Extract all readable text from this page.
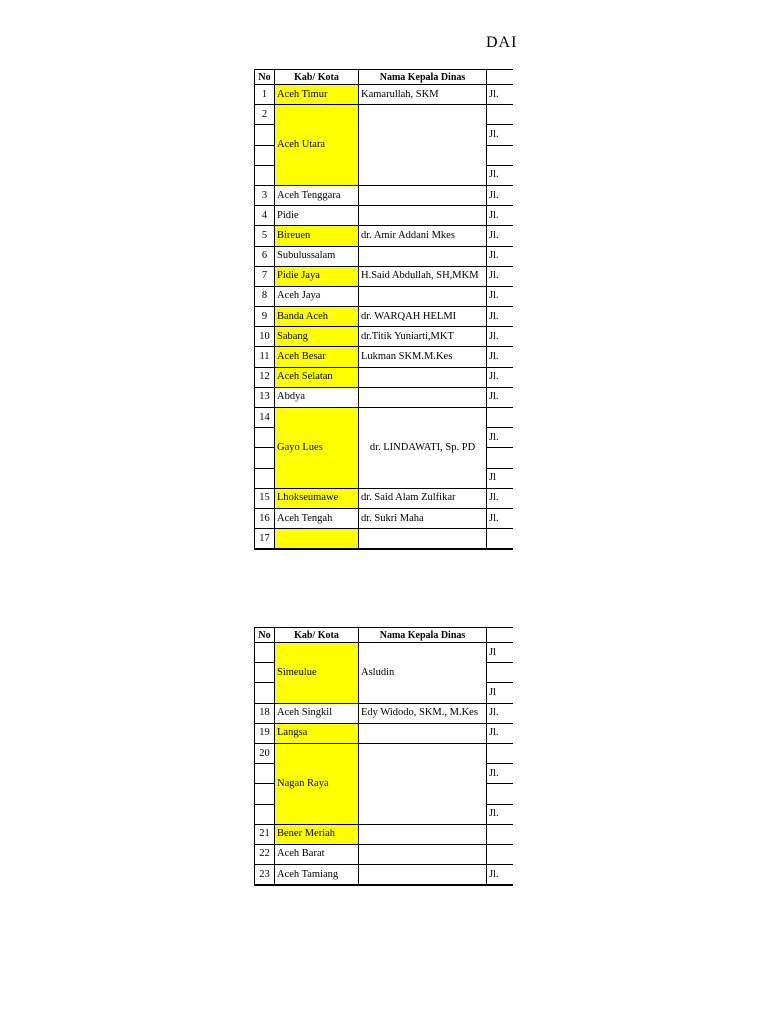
DAI
No	Kab/ Kota	Nama Kepala Dinas	
1	Aceh Timur	Kamarullah, SKM	Jl.
2	Aceh Utara		
			Jl.

			Jl.
3	Aceh Tenggara		Jl.
4	Pidie		Jl.
5	Bireuen	dr. Amir Addani Mkes	Jl.
6	Subulussalam		Jl.
7	Pidie Jaya	H.Said Abdullah, SH,MKM	Jl.
8	Aceh Jaya		Jl.
9	Banda Aceh	dr. WARQAH HELMI	Jl.
10	Sabang	dr.Titik Yuniarti,MKT	Jl.
11	Aceh Besar	Lukman SKM.M.Kes	Jl.
12	Aceh Selatan		Jl.
13	Abdya		Jl.
14	Gayo Lues	dr. LINDAWATI, Sp. PD	
			Jl.

			Jl
15	Lhokseumawe	dr. Said Alam Zulfikar	Jl.
16	Aceh Tengah	dr. Sukri Maha	Jl.
17			
No	Kab/ Kota	Nama Kepala Dinas	
	Simeulue	Asludin	Jl

			Jl
18	Aceh Singkil	Edy Widodo, SKM., M.Kes	Jl.
19	Langsa		Jl.
20	Nagan Raya		
			Jl.

			Jl.
21	Bener Meriah		
22	Aceh Barat		
23	Aceh Tamiang		Jl.
